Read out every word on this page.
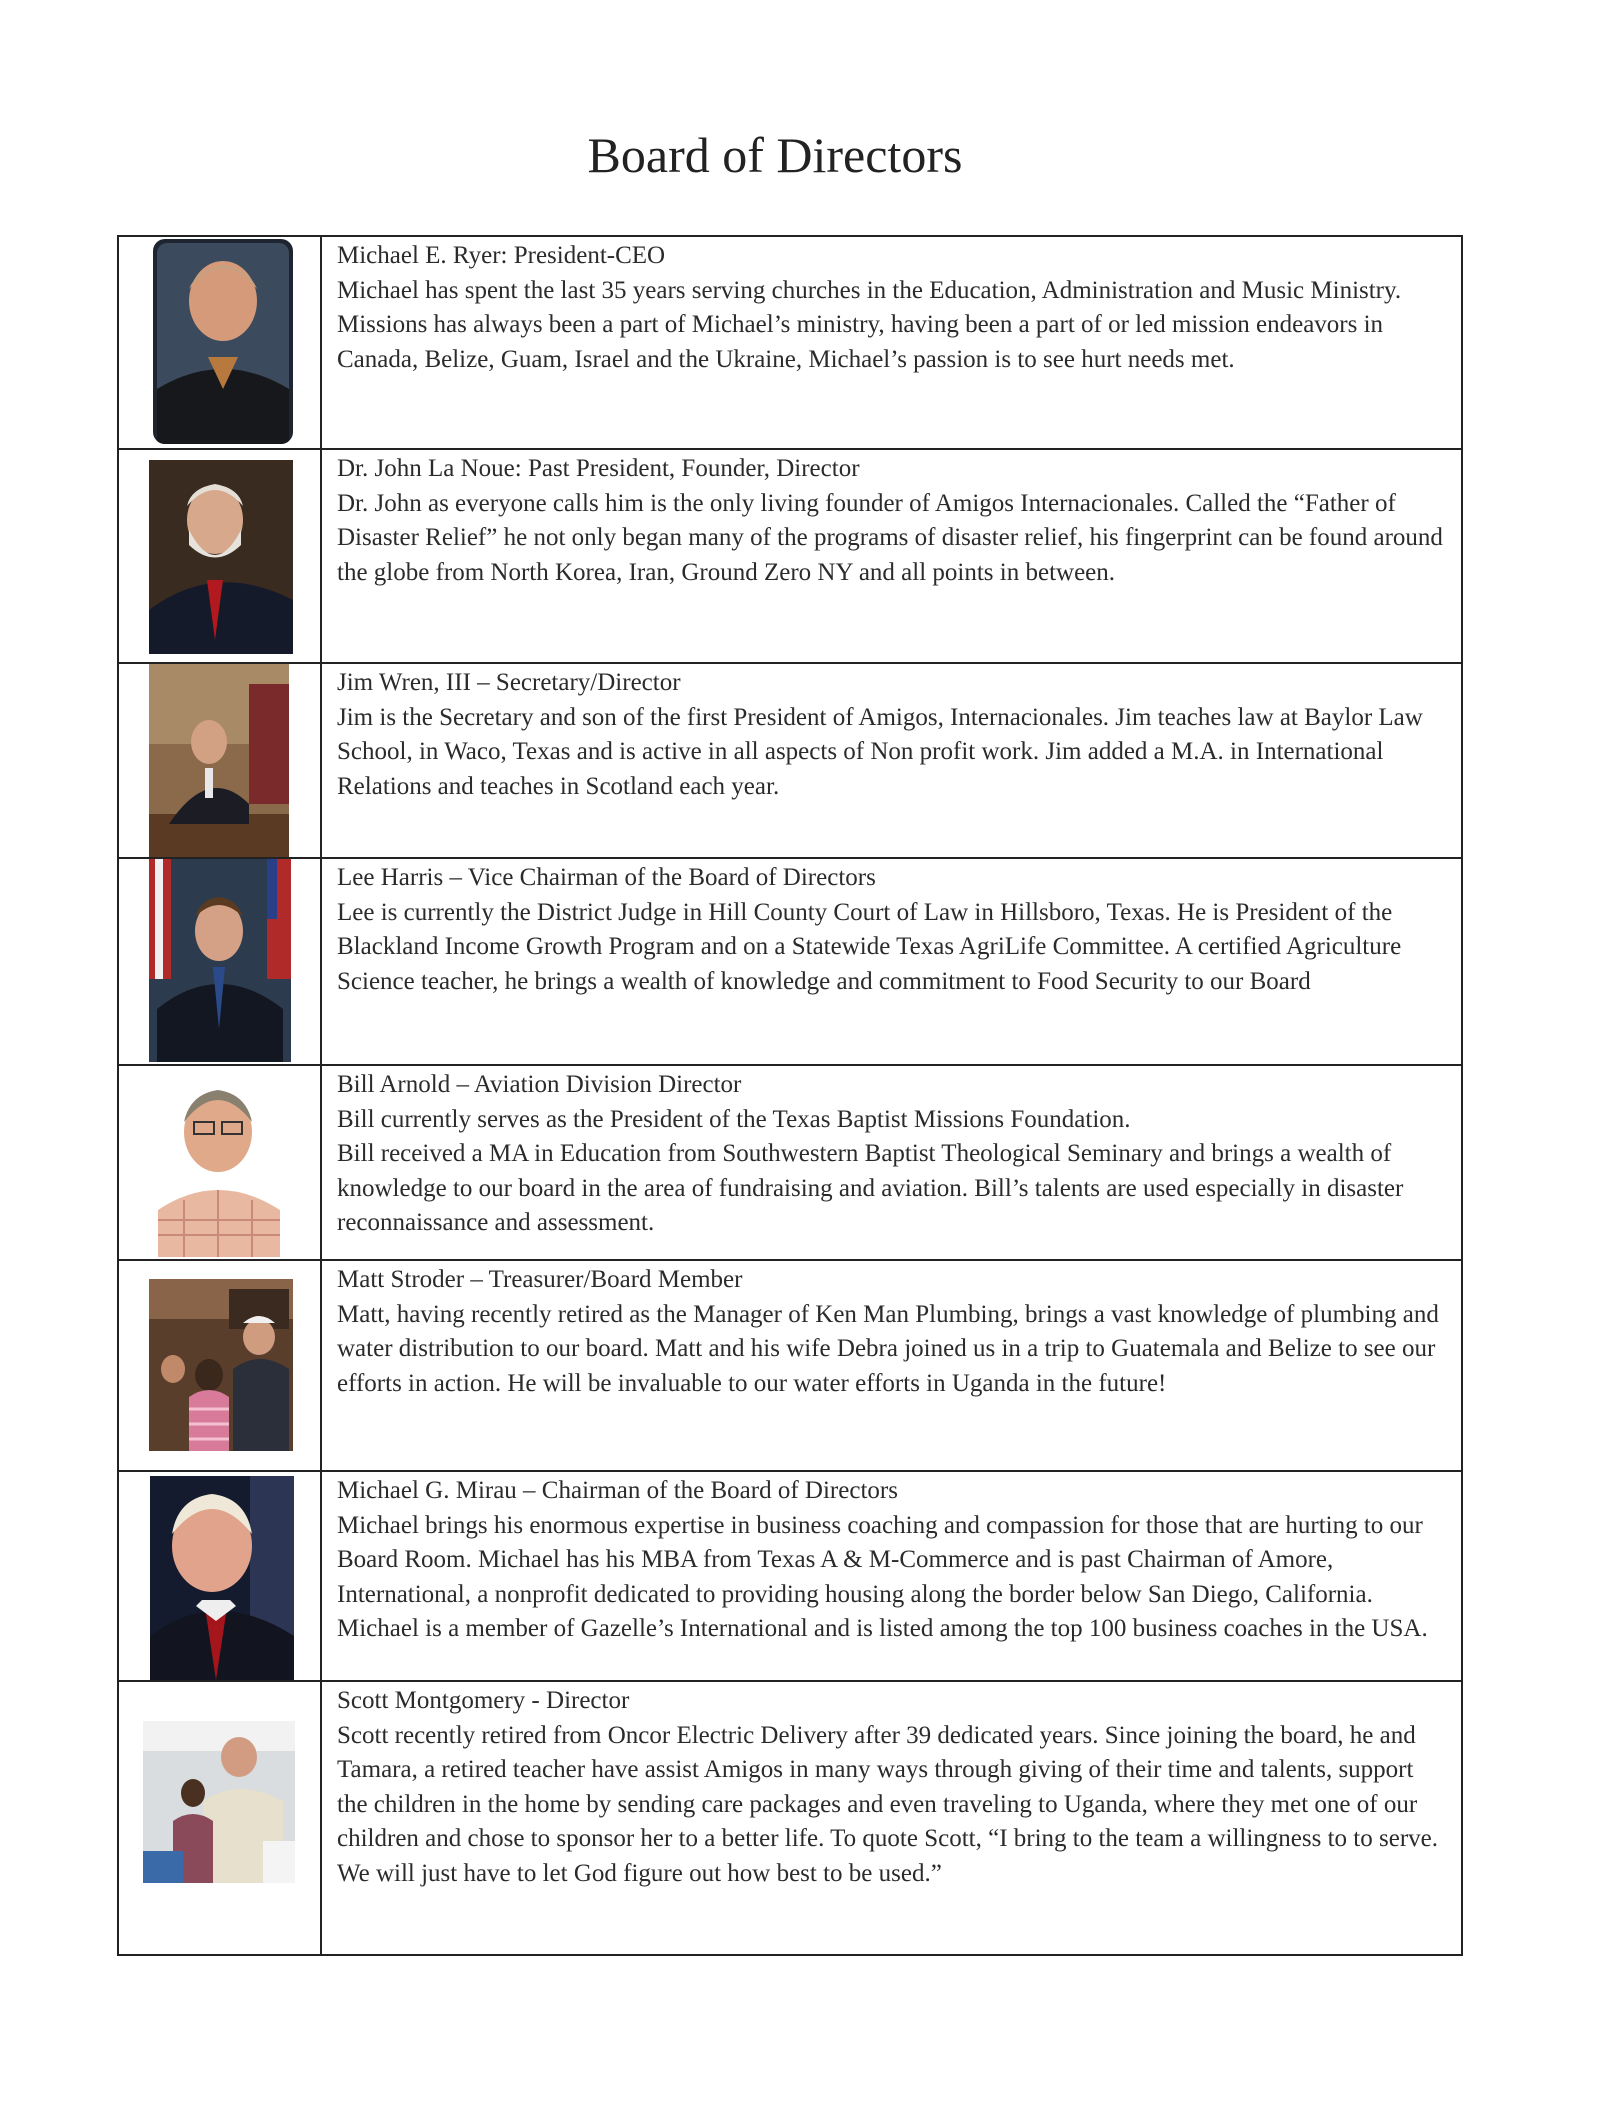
Board of Directors

Michael E. Ryer: President-CEO

Michael has spent the last 35 years serving churches in the Education, Administration and Music Ministry. Missions has always been a part of Michael’s ministry, having been a part of or led mission endeavors in Canada, Belize, Guam, Israel and the Ukraine, Michael’s passion is to see hurt needs met.

Dr. John La Noue: Past President, Founder, Director

Dr. John as everyone calls him is the only living founder of Amigos Internacionales. Called the “Father of Disaster Relief” he not only began many of the programs of disaster relief, his fingerprint can be found around the globe from North Korea, Iran, Ground Zero NY and all points in between.

Jim Wren, III – Secretary/Director

Jim is the Secretary and son of the first President of Amigos, Internacionales. Jim teaches law at Baylor Law School, in Waco, Texas and is active in all aspects of Non profit work. Jim added a M.A. in International Relations and teaches in Scotland each year.

Lee Harris – Vice Chairman of the Board of Directors

Lee is currently the District Judge in Hill County Court of Law in Hillsboro, Texas. He is President of the Blackland Income Growth Program and on a Statewide Texas AgriLife Committee. A certified Agriculture Science teacher, he brings a wealth of knowledge and commitment to Food Security to our Board

Bill Arnold – Aviation Division Director

Bill currently serves as the President of the Texas Baptist Missions Foundation.

Bill received a MA in Education from Southwestern Baptist Theological Seminary and brings a wealth of knowledge to our board in the area of fundraising and aviation. Bill’s talents are used especially in disaster reconnaissance and assessment.

Matt Stroder – Treasurer/Board Member

Matt, having recently retired as the Manager of Ken Man Plumbing, brings a vast knowledge of plumbing and water distribution to our board. Matt and his wife Debra joined us in a trip to Guatemala and Belize to see our efforts in action. He will be invaluable to our water efforts in Uganda in the future!

Michael G. Mirau – Chairman of the Board of Directors

Michael brings his enormous expertise in business coaching and compassion for those that are hurting to our Board Room. Michael has his MBA from Texas A & M-Commerce and is past Chairman of Amore, International, a nonprofit dedicated to providing housing along the border below San Diego, California. Michael is a member of Gazelle’s International and is listed among the top 100 business coaches in the USA.

Scott Montgomery - Director

Scott recently retired from Oncor Electric Delivery after 39 dedicated years. Since joining the board, he and Tamara, a retired teacher have assist Amigos in many ways through giving of their time and talents, support the children in the home by sending care packages and even traveling to Uganda, where they met one of our children and chose to sponsor her to a better life. To quote Scott, “I bring to the team a willingness to to serve. We will just have to let God figure out how best to be used.”
